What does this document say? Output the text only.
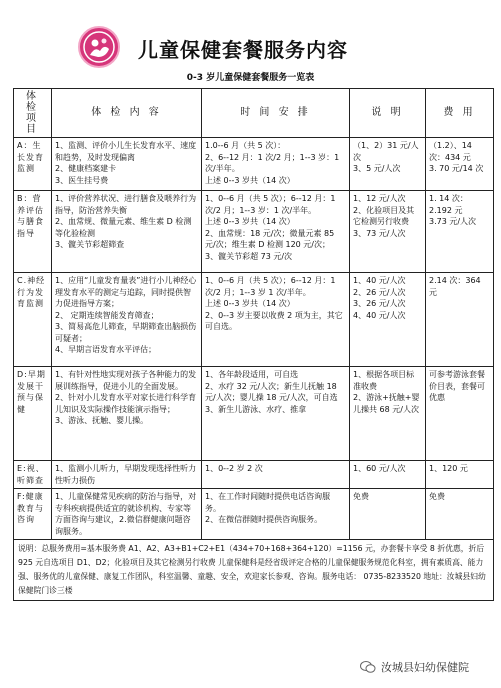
儿童保健套餐服务内容
0-3 岁儿童保健套餐服务一览表
体 检 项 目	体 检 内 容	时 间 安 排	说 明	费 用
A：生长发育监测	1、监测、评价小儿生长发育水平、速度和趋势，及时发现偏离
2、健康档案建卡
3、医生挂号费	1.0--6 月（共 5 次）：
2、6--12 月：1 次/2 月；1--3 岁：1 次/半年。
上述 0--3 岁共（14 次）	（1、2）31 元/人次
3、5 元/人次	（1.2）、14 次：434 元
3. 70 元/14 次

B：营养评估与膳食指导	1、评价营养状况、进行膳食及喂养行为指导，防治营养失衡
2、血常规、微量元素、维生素 D 检测等化验检测
3、髋关节彩超筛查	1、0--6 月（共 5 次）；6--12 月：1 次/2 月；1--3 岁：1 次/半年。
上述 0--3 岁共（14 次）
2、血常规：18 元/次；微量元素 85 元/次；维生素 D 检测 120 元/次；
3、髋关节彩超 73 元/次	1、12 元/人次
2、化验项目及其它检测另行收费
3、73 元/人次	1. 14 次：2.192 元
3.73 元/人次

C.神经行为发育监测	1、应用“儿童发育量表”进行小儿神经心理发育水平的测定与追踪，同时提供智力促进指导方案；
2、 定期连续智能发育筛查；
3、简易高危儿筛查，早期筛查出脑损伤可疑者；
4、早期言语发育水平评估；	1、0--6 月（共 5 次）；6--12 月：1 次/2 月；1--3 岁 1 次/半年。
上述 0--3 岁共（14 次）
2、0--3 岁主要以收费 2 项为主，其它可自选。	1、40 元/人次
2、26 元/人次
3、26 元/人次
4、40 元/人次	2.14 次：364 元

D:早期发展干预与保健	1、有针对性地实现对孩子各种能力的发展训练指导，促进小儿的全面发展。
2、针对小儿发育水平对家长进行科学育儿知识及实际操作技能演示指导；
3、游泳、抚触、婴儿操。	1、各年龄段适用，可自选
2、水疗 32 元/人次；新生儿抚触 18 元/人次；婴儿操 18 元/人次，可自选
3、新生儿游泳、水疗、推拿	1、根据各项目标准收费
2、游泳+抚触+婴儿操共 68 元/人次	可参考游泳套餐价目表，套餐可优惠

E:视、听筛查	1、监测小儿听力，早期发现选择性听力性听力损伤	1、0--2 岁 2 次	1、60 元/人次	1、120 元

F:健康教育与咨询	1、儿童保健常见疾病的防治与指导，对专科疾病提供适宜的就诊机构、专家等方面咨询与建议，2.微信群健康问题咨询服务。	1、在工作时间随时提供电话咨询服务。
2、在微信群随时提供咨询服务。	免费	免费

说明：总服务费用=基本服务费 A1、A2、A3+B1+C2+E1（434+70+168+364+120）=1156 元，办套餐卡享受 8 折优惠，折后 925 元自选项目 D1、D2；化验项目及其它检测另行收费 儿童保健科是经省级评定合格的儿童保健服务规范化科室，拥有素质高、能力强、服务优的儿童保健、康复工作团队，科室温馨、童趣、安全，欢迎家长参观、咨询。服务电话： 0735-8233520 地址：汝城县妇幼保健院门诊三楼				
汝城县妇幼保健院
